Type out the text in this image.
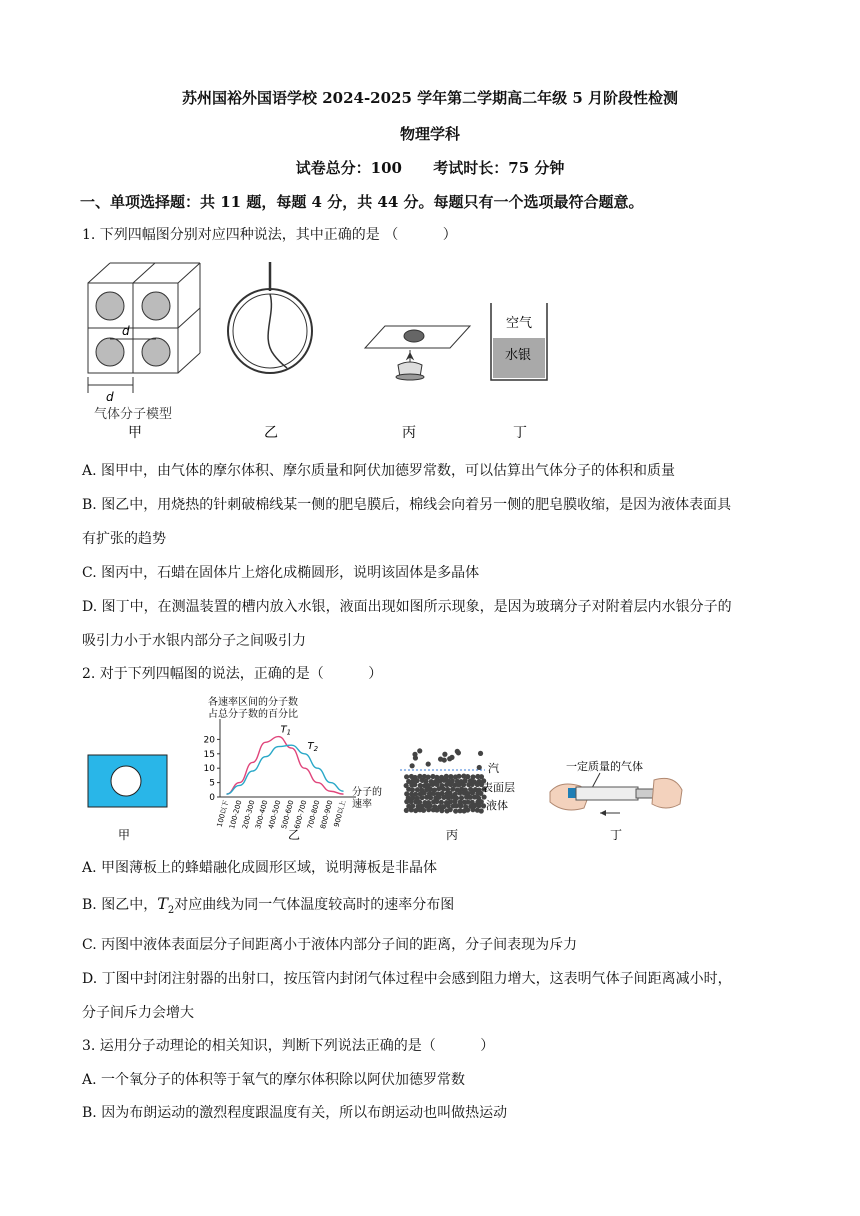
苏州国裕外国语学校 2024-2025 学年第二学期高二年级 5 月阶段性检测
物理学科
试卷总分：100      考试时长：75 分钟
一、单项选择题：共 11 题，每题 4 分，共 44 分。每题只有一个选项最符合题意。
1. 下列四幅图分别对应四种说法，其中正确的是 （          ）
d
d
气体分子模型
甲	乙	丙
空气
水银
丁
A. 图甲中，由气体的摩尔体积、摩尔质量和阿伏加德罗常数，可以估算出气体分子的体积和质量
B. 图乙中，用烧热的针刺破棉线某一侧的肥皂膜后，棉线会向着另一侧的肥皂膜收缩，是因为液体表面具
有扩张的趋势
C. 图丙中，石蜡在固体片上熔化成椭圆形，说明该固体是多晶体
D. 图丁中，在测温装置的槽内放入水银，液面出现如图所示现象，是因为玻璃分子对附着层内水银分子的
吸引力小于水银内部分子之间吸引力
2. 对于下列四幅图的说法，正确的是（          ）
甲
各速率区间的分子数
占总分子数的百分比
0
5
10
15
20
100以下
100-200
200-300
300-400
400-500
500-600
600-700
700-800
800-900
900以上
$T_1$
$T_2$
分子的
速率
乙
汽
表面层
液体
丙
一定质量的气体
丁
A. 甲图薄板上的蜂蜡融化成圆形区域，说明薄板是非晶体
B. 图乙中，$T_2$对应曲线为同一气体温度较高时的速率分布图
C. 丙图中液体表面层分子间距离小于液体内部分子间的距离，分子间表现为斥力
D. 丁图中封闭注射器的出射口，按压管内封闭气体过程中会感到阻力增大，这表明气体子间距离减小时，
分子间斥力会增大
3. 运用分子动理论的相关知识，判断下列说法正确的是（          ）
A. 一个氧分子的体积等于氧气的摩尔体积除以阿伏加德罗常数
B. 因为布朗运动的激烈程度跟温度有关，所以布朗运动也叫做热运动
